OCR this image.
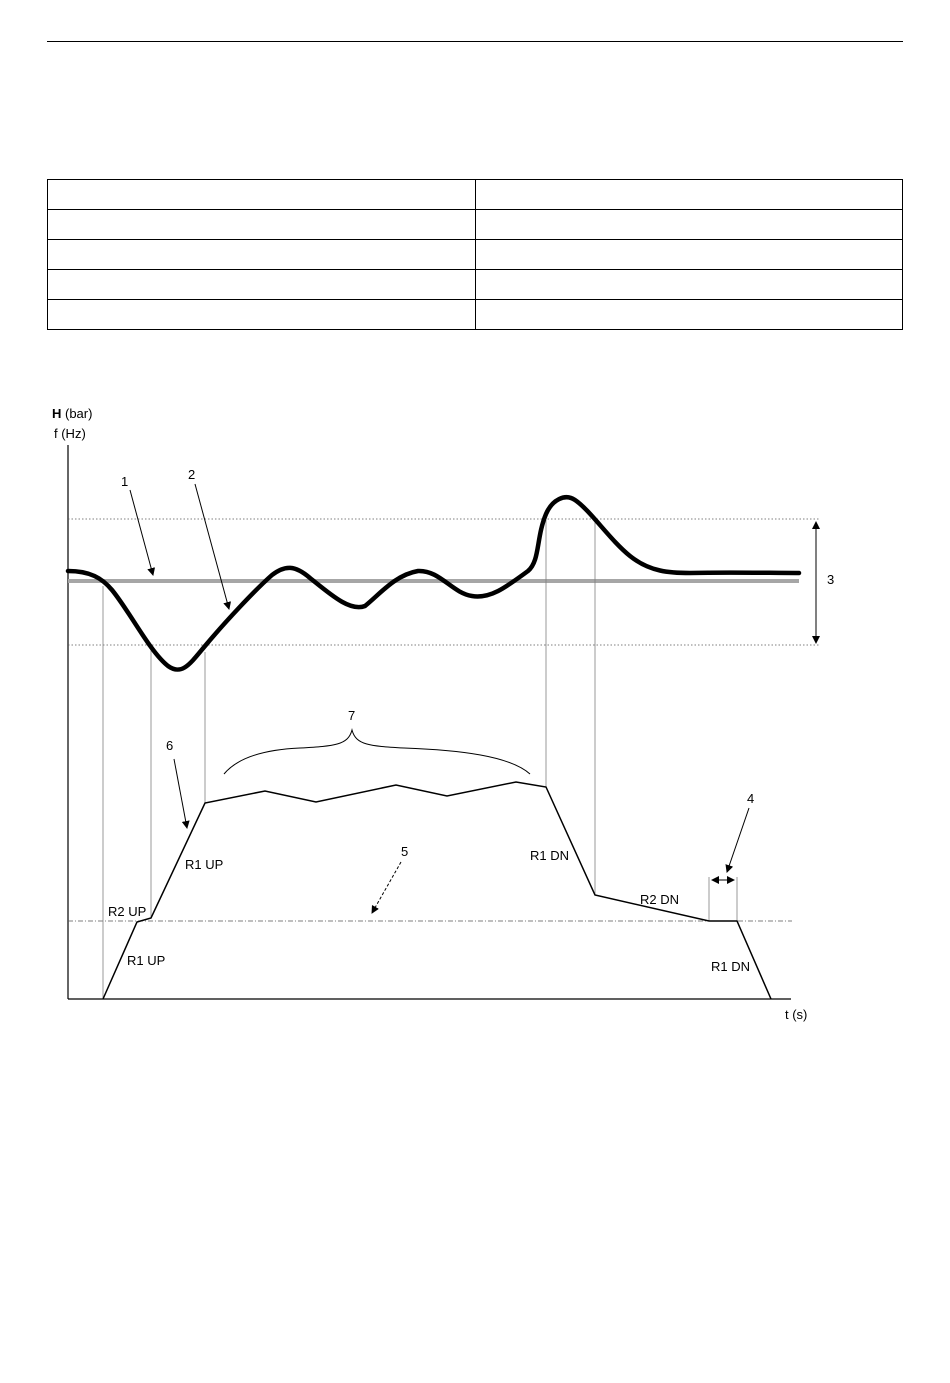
H (bar)
f (Hz)
1	2
3
4
5
6
7
R1 UP
R2 UP
R1 UP
R1 DN
R2 DN
R1 DN
t (s)
